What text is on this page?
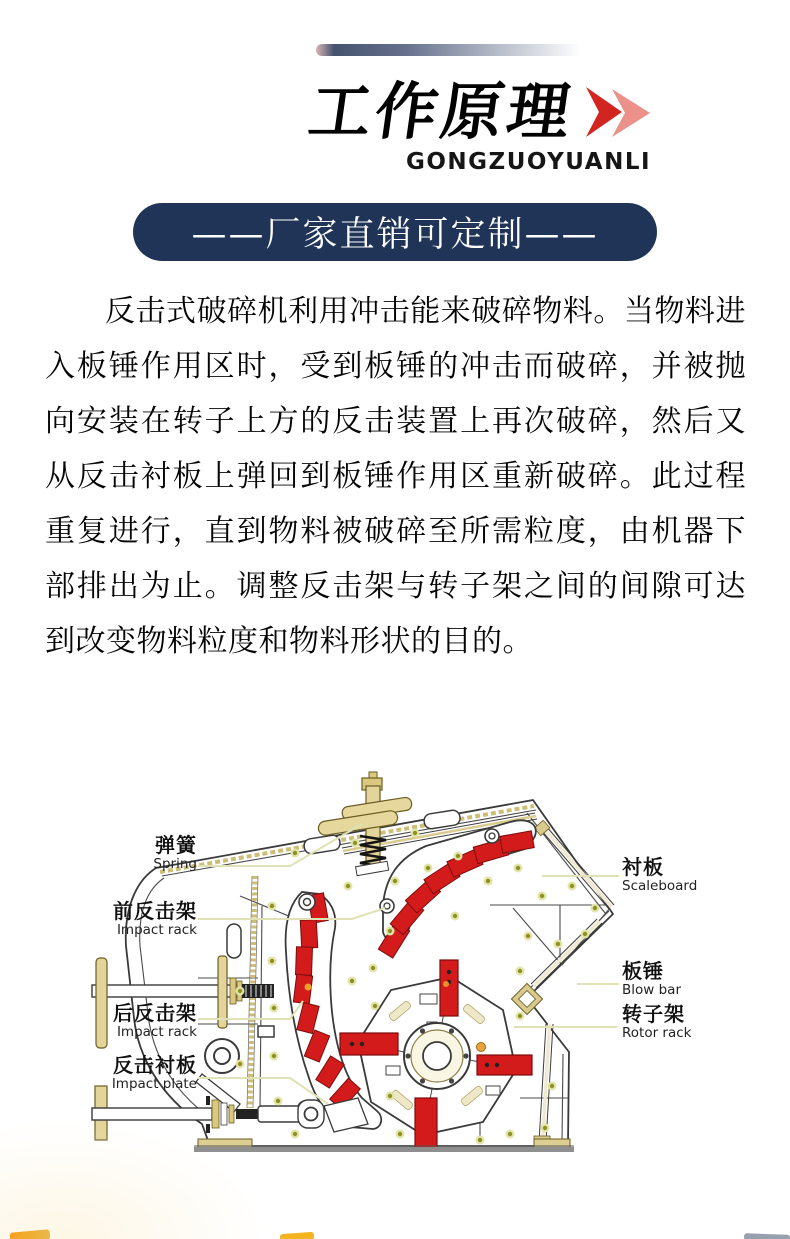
工作原理
GONGZUOYUANLI
——厂家直销可定制——

反击式破碎机利用冲击能来破碎物料。当物料进入板锤作用区时，受到板锤的冲击而破碎，并被抛向安装在转子上方的反击装置上再次破碎，然后又从反击衬板上弹回到板锤作用区重新破碎。此过程重复进行，直到物料被破碎至所需粒度，由机器下部排出为止。调整反击架与转子架之间的间隙可达到改变物料粒度和物料形状的目的。

弹簧
Spring
前反击架
Impact rack
后反击架
Impact rack
反击衬板
Impact plate
衬板
Scaleboard
板锤
Blow bar
转子架
Rotor rack
